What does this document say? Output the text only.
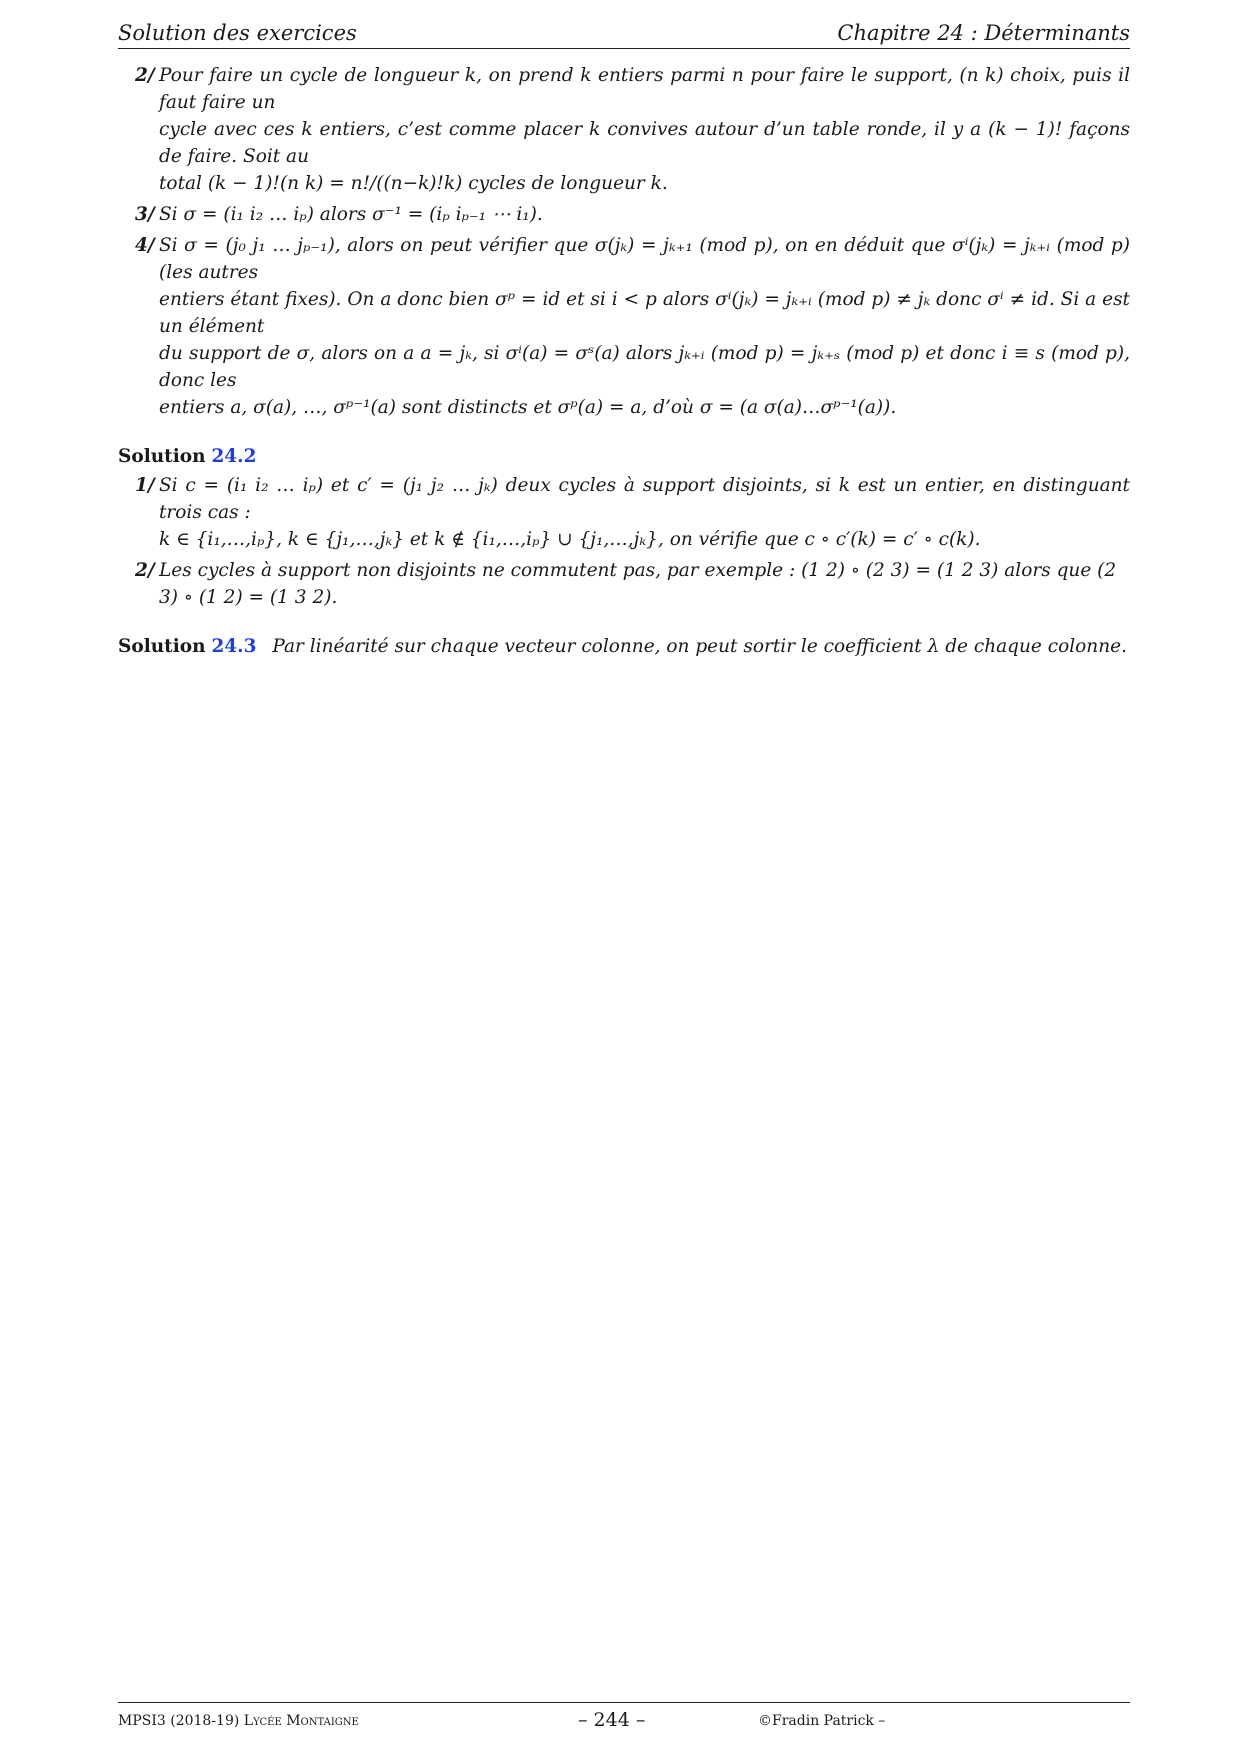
Solution des exercices	Chapitre 24 : Déterminants
2/ Pour faire un cycle de longueur k, on prend k entiers parmi n pour faire le support, (n k) choix, puis il faut faire un
cycle avec ces k entiers, c’est comme placer k convives autour d’un table ronde, il y a (k − 1)! façons de faire. Soit au
total (k − 1)!(n k) = n!/((n−k)!k) cycles de longueur k.
3/ Si σ = (i₁ i₂ … iₚ) alors σ⁻¹ = (iₚ iₚ₋₁ ⋯ i₁).
4/ Si σ = (j₀ j₁ … jₚ₋₁), alors on peut vérifier que σ(jₖ) = jₖ₊₁ (mod p), on en déduit que σⁱ(jₖ) = jₖ₊ᵢ (mod p) (les autres
entiers étant fixes). On a donc bien σᵖ = id et si i < p alors σⁱ(jₖ) = jₖ₊ᵢ (mod p) ≠ jₖ donc σⁱ ≠ id. Si a est un élément
du support de σ, alors on a a = jₖ, si σⁱ(a) = σˢ(a) alors jₖ₊ᵢ (mod p) = jₖ₊ₛ (mod p) et donc i ≡ s (mod p), donc les
entiers a, σ(a), …, σᵖ⁻¹(a) sont distincts et σᵖ(a) = a, d’où σ = (a σ(a)…σᵖ⁻¹(a)).
Solution 24.2
1/ Si c = (i₁ i₂ … iₚ) et c′ = (j₁ j₂ … jₖ) deux cycles à support disjoints, si k est un entier, en distinguant trois cas :
k ∈ {i₁,…,iₚ}, k ∈ {j₁,…,jₖ} et k ∉ {i₁,…,iₚ} ∪ {j₁,…,jₖ}, on vérifie que c ∘ c′(k) = c′ ∘ c(k).
2/ Les cycles à support non disjoints ne commutent pas, par exemple : (1 2) ∘ (2 3) = (1 2 3) alors que (2 3) ∘ (1 2) = (1 3 2).
Solution 24.3 Par linéarité sur chaque vecteur colonne, on peut sortir le coefficient λ de chaque colonne.
MPSI3 (2018-19) Lycée Montaigne	– 244 –	©Fradin Patrick –
